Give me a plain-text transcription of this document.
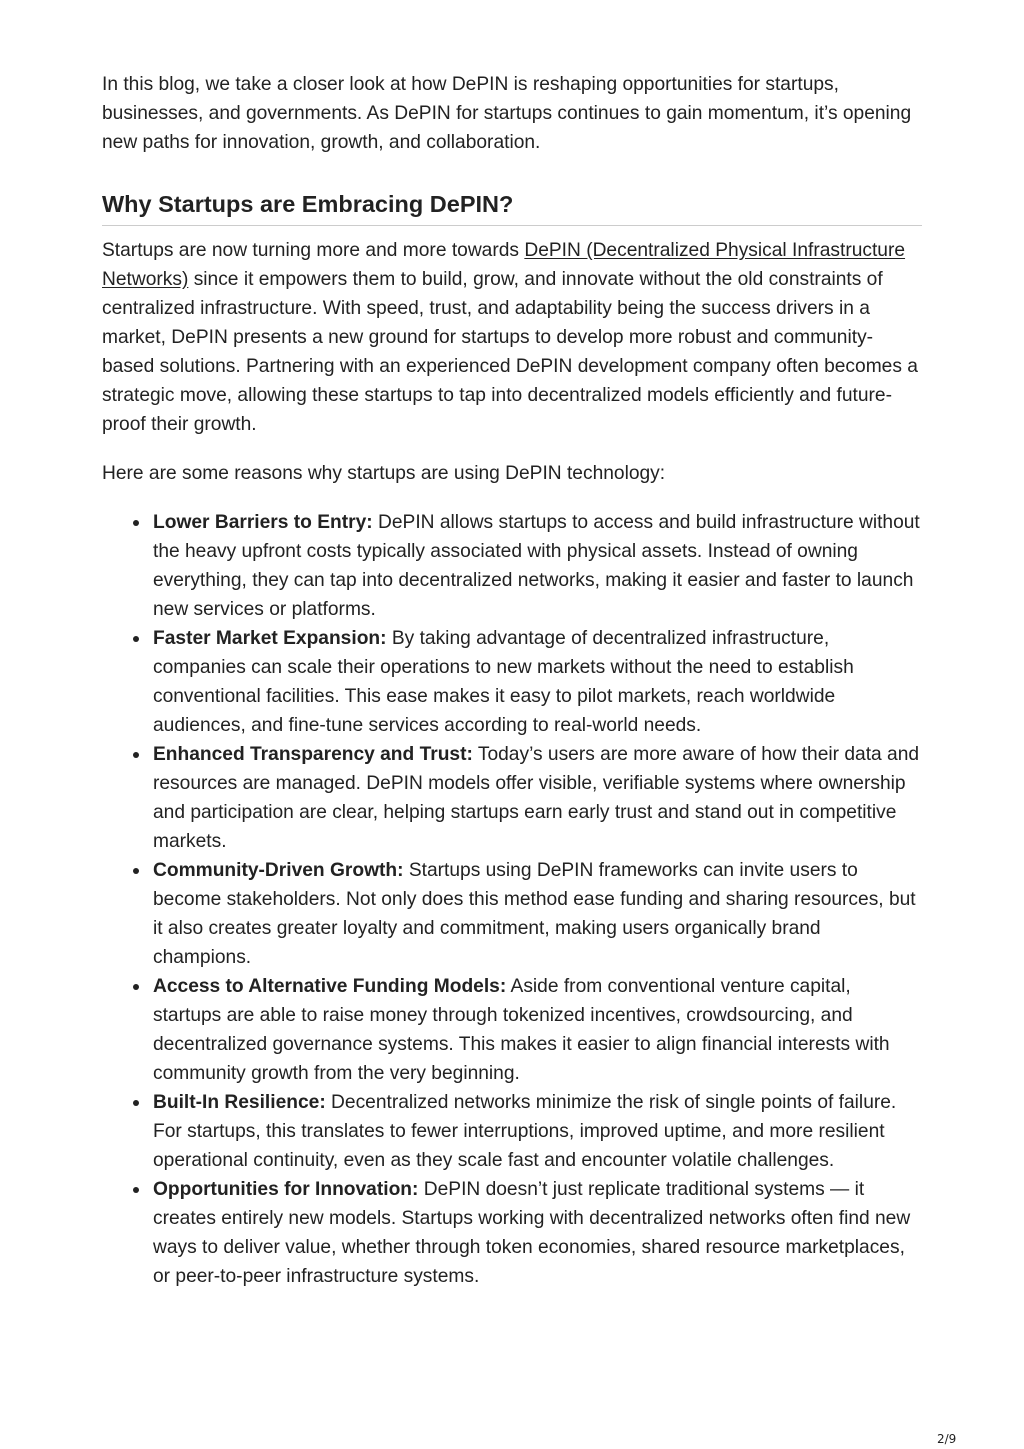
In this blog, we take a closer look at how DePIN is reshaping opportunities for startups, businesses, and governments. As DePIN for startups continues to gain momentum, it’s opening new paths for innovation, growth, and collaboration.

Why Startups are Embracing DePIN?

Startups are now turning more and more towards DePIN (Decentralized Physical Infrastructure Networks) since it empowers them to build, grow, and innovate without the old constraints of centralized infrastructure. With speed, trust, and adaptability being the success drivers in a market, DePIN presents a new ground for startups to develop more robust and community-based solutions. Partnering with an experienced DePIN development company often becomes a strategic move, allowing these startups to tap into decentralized models efficiently and future-proof their growth.

Here are some reasons why startups are using DePIN technology:

Lower Barriers to Entry: DePIN allows startups to access and build infrastructure without the heavy upfront costs typically associated with physical assets. Instead of owning everything, they can tap into decentralized networks, making it easier and faster to launch new services or platforms.
Faster Market Expansion: By taking advantage of decentralized infrastructure, companies can scale their operations to new markets without the need to establish conventional facilities. This ease makes it easy to pilot markets, reach worldwide audiences, and fine-tune services according to real-world needs.
Enhanced Transparency and Trust: Today’s users are more aware of how their data and resources are managed. DePIN models offer visible, verifiable systems where ownership and participation are clear, helping startups earn early trust and stand out in competitive markets.
Community-Driven Growth: Startups using DePIN frameworks can invite users to become stakeholders. Not only does this method ease funding and sharing resources, but it also creates greater loyalty and commitment, making users organically brand champions.
Access to Alternative Funding Models: Aside from conventional venture capital, startups are able to raise money through tokenized incentives, crowdsourcing, and decentralized governance systems. This makes it easier to align financial interests with community growth from the very beginning.
Built-In Resilience: Decentralized networks minimize the risk of single points of failure. For startups, this translates to fewer interruptions, improved uptime, and more resilient operational continuity, even as they scale fast and encounter volatile challenges.
Opportunities for Innovation: DePIN doesn’t just replicate traditional systems — it creates entirely new models. Startups working with decentralized networks often find new ways to deliver value, whether through token economies, shared resource marketplaces, or peer-to-peer infrastructure systems.
2/9
